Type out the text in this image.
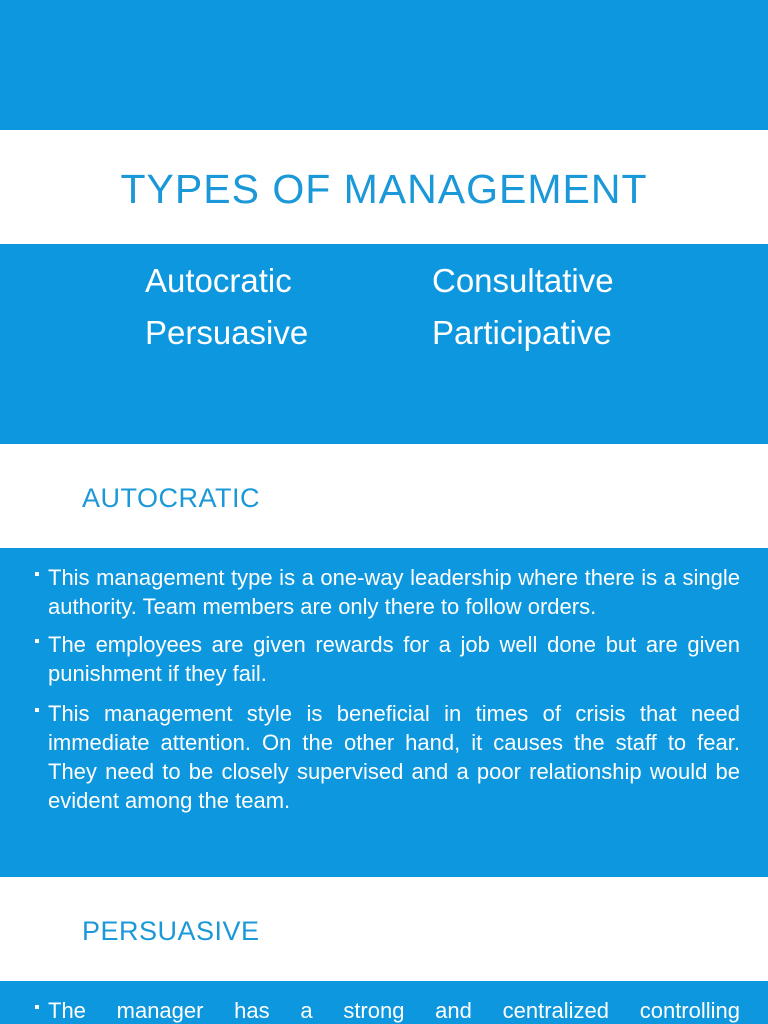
TYPES OF MANAGEMENT
Autocratic	Consultative
Persuasive	Participative
AUTOCRATIC
This management type is a one-way leadership where there is a single authority. Team members are only there to follow orders.
The employees are given rewards for a job well done but are given punishment if they fail.
This management style is beneficial in times of crisis that need immediate attention. On the other hand, it causes the staff to fear. They need to be closely supervised and a poor relationship would be evident among the team.
PERSUASIVE
The manager has a strong and centralized controlling
